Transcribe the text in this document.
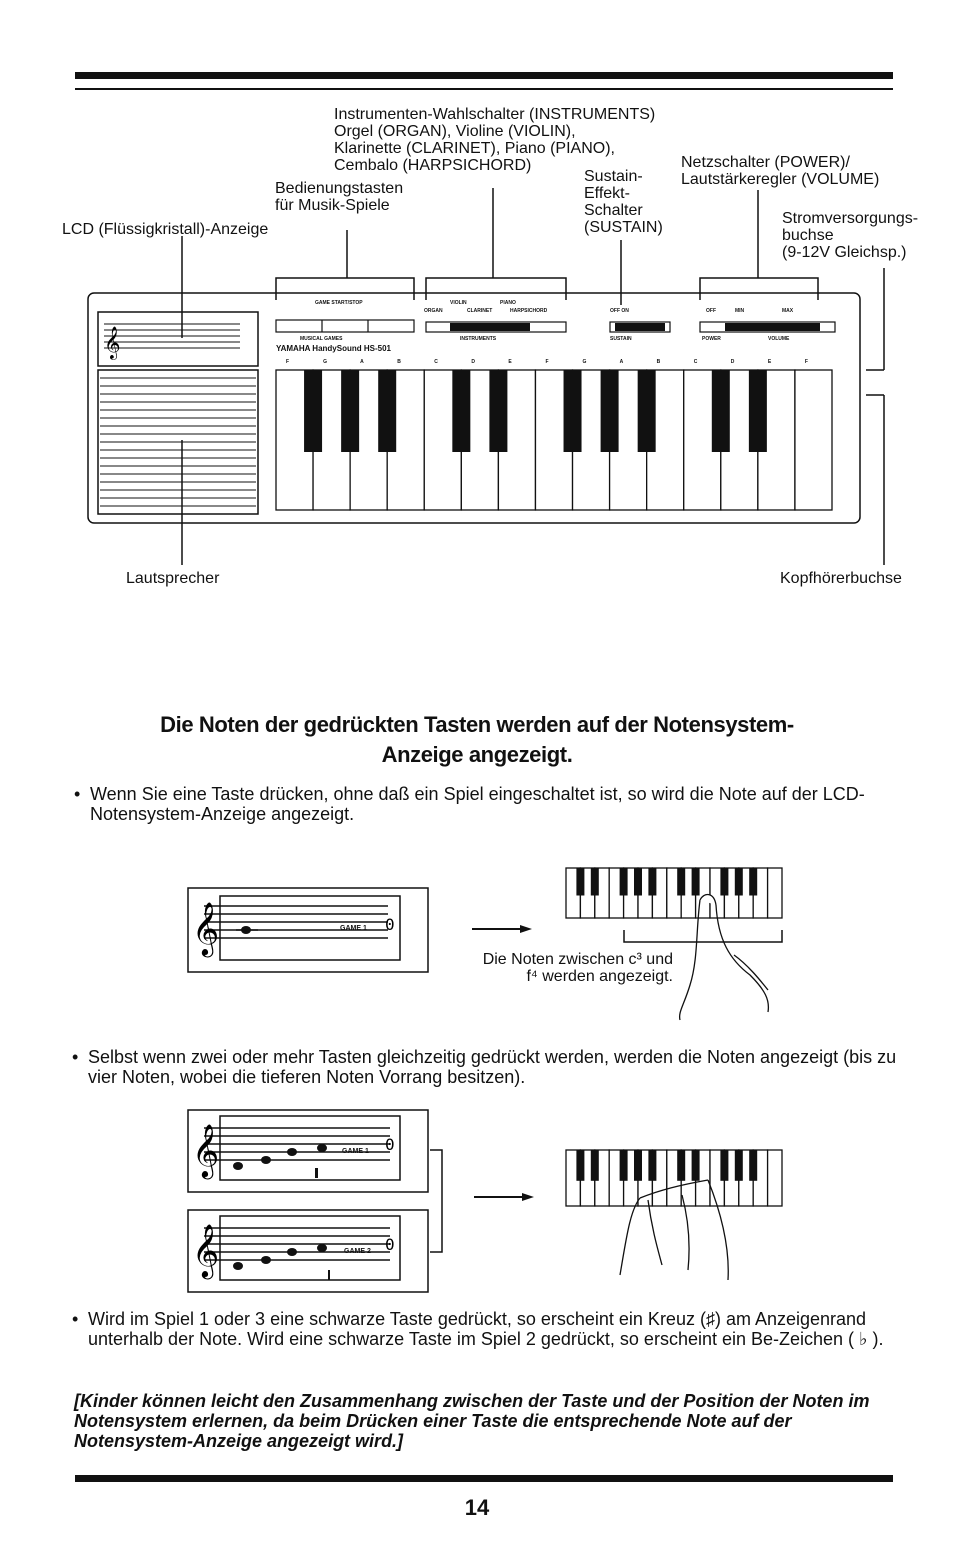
Instrumenten-Wahlschalter (INSTRUMENTS)
Orgel (ORGAN), Violine (VIOLIN),
Klarinette (CLARINET), Piano (PIANO),
Cembalo (HARPSICHORD)	Netzschalter (POWER)/
Lautstärkeregler (VOLUME)
Sustain-
Effekt-
Schalter
(SUSTAIN)
Bedienungstasten
für Musik-Spiele
LCD (Flüssigkristall)-Anzeige
Stromversorgungs-
buchse
(9-12V Gleichsp.)
Lautsprecher	Kopfhörerbuchse
𝄞
GAME START/STOP
MUSICAL GAMES
VIOLIN	PIANO
ORGAN	CLARINET	HARPSICHORD
INSTRUMENTS
OFF ON
SUSTAIN
OFF	MIN	MAX
POWER	VOLUME
YAMAHA HandySound HS-501
F	G	A	B	C	D	E	F	G	A	B	C	D	E	F
Die Noten der gedrückten Tasten werden auf der Notensystem-
Anzeige angezeigt.
• Wenn Sie eine Taste drücken, ohne daß ein Spiel eingeschaltet ist, so wird die Note auf der LCD-Notensystem-Anzeige angezeigt.
𝄞	0
GAME 1
Die Noten zwischen c³ und
f⁴ werden angezeigt.
• Selbst wenn zwei oder mehr Tasten gleichzeitig gedrückt werden, werden die Noten angezeigt (bis zu vier Noten, wobei die tieferen Noten Vorrang besitzen).
𝄞
𝄞
0
0
GAME 1
GAME 2
• Wird im Spiel 1 oder 3 eine schwarze Taste gedrückt, so erscheint ein Kreuz (♯) am Anzeigenrand unterhalb der Note. Wird eine schwarze Taste im Spiel 2 gedrückt, so erscheint ein Be-Zeichen ( ♭ ).
[Kinder können leicht den Zusammenhang zwischen der Taste und der Position der Noten im Notensystem erlernen, da beim Drücken einer Taste die entsprechende Note auf der Notensystem-Anzeige angezeigt wird.]
14
